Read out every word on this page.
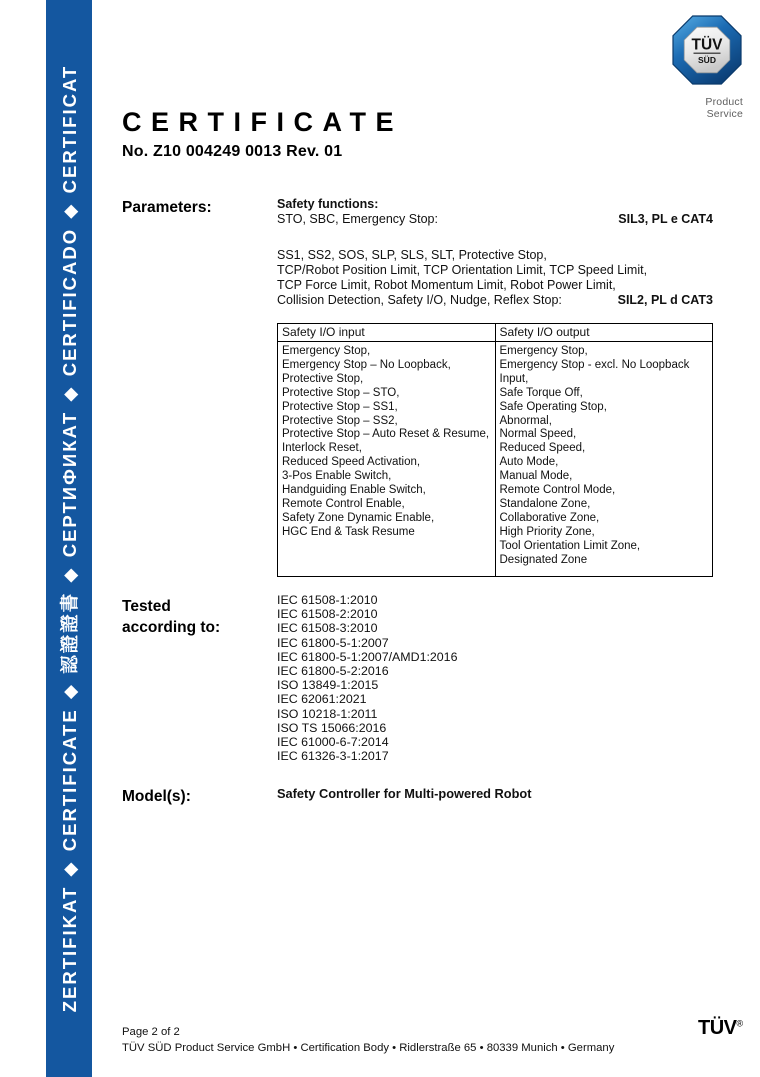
ZERTIFIKAT ◆ CERTIFICATE ◆ 認證證書 ◆ СЕРТИФИКАТ ◆ CERTIFICADO ◆ CERTIFICAT
TÜV
SÜD
Product Service
CERTIFICATE
No. Z10 004249 0013 Rev. 01
Parameters:	Safety functions:
STO, SBC, Emergency Stop:	SIL3, PL e CAT4
SS1, SS2, SOS, SLP, SLS, SLT, Protective Stop,
TCP/Robot Position Limit, TCP Orientation Limit, TCP Speed Limit,
TCP Force Limit, Robot Momentum Limit, Robot Power Limit,
Collision Detection, Safety I/O, Nudge, Reflex Stop:	SIL2, PL d CAT3
Safety I/O input	Safety I/O output

Emergency Stop,
Emergency Stop – No Loopback,
Protective Stop,
Protective Stop – STO,
Protective Stop – SS1,
Protective Stop – SS2,
Protective Stop – Auto Reset & Resume,
Interlock Reset,
Reduced Speed Activation,
3-Pos Enable Switch,
Handguiding Enable Switch,
Remote Control Enable,
Safety Zone Dynamic Enable,
HGC End & Task Resume

Emergency Stop,
Emergency Stop - excl. No Loopback Input,
Safe Torque Off,
Safe Operating Stop,
Abnormal,
Normal Speed,
Reduced Speed,
Auto Mode,
Manual Mode,
Remote Control Mode,
Standalone Zone,
Collaborative Zone,
High Priority Zone,
Tool Orientation Limit Zone,
Designated Zone
Tested
according to:
IEC 61508-1:2010
IEC 61508-2:2010
IEC 61508-3:2010
IEC 61800-5-1:2007
IEC 61800-5-1:2007/AMD1:2016
IEC 61800-5-2:2016
ISO 13849-1:2015
IEC 62061:2021
ISO 10218-1:2011
ISO TS 15066:2016
IEC 61000-6-7:2014
IEC 61326-3-1:2017
Model(s):	Safety Controller for Multi-powered Robot
Page 2 of 2
TÜV SÜD Product Service GmbH • Certification Body • Ridlerstraße 65 • 80339 Munich • Germany
TÜV®
